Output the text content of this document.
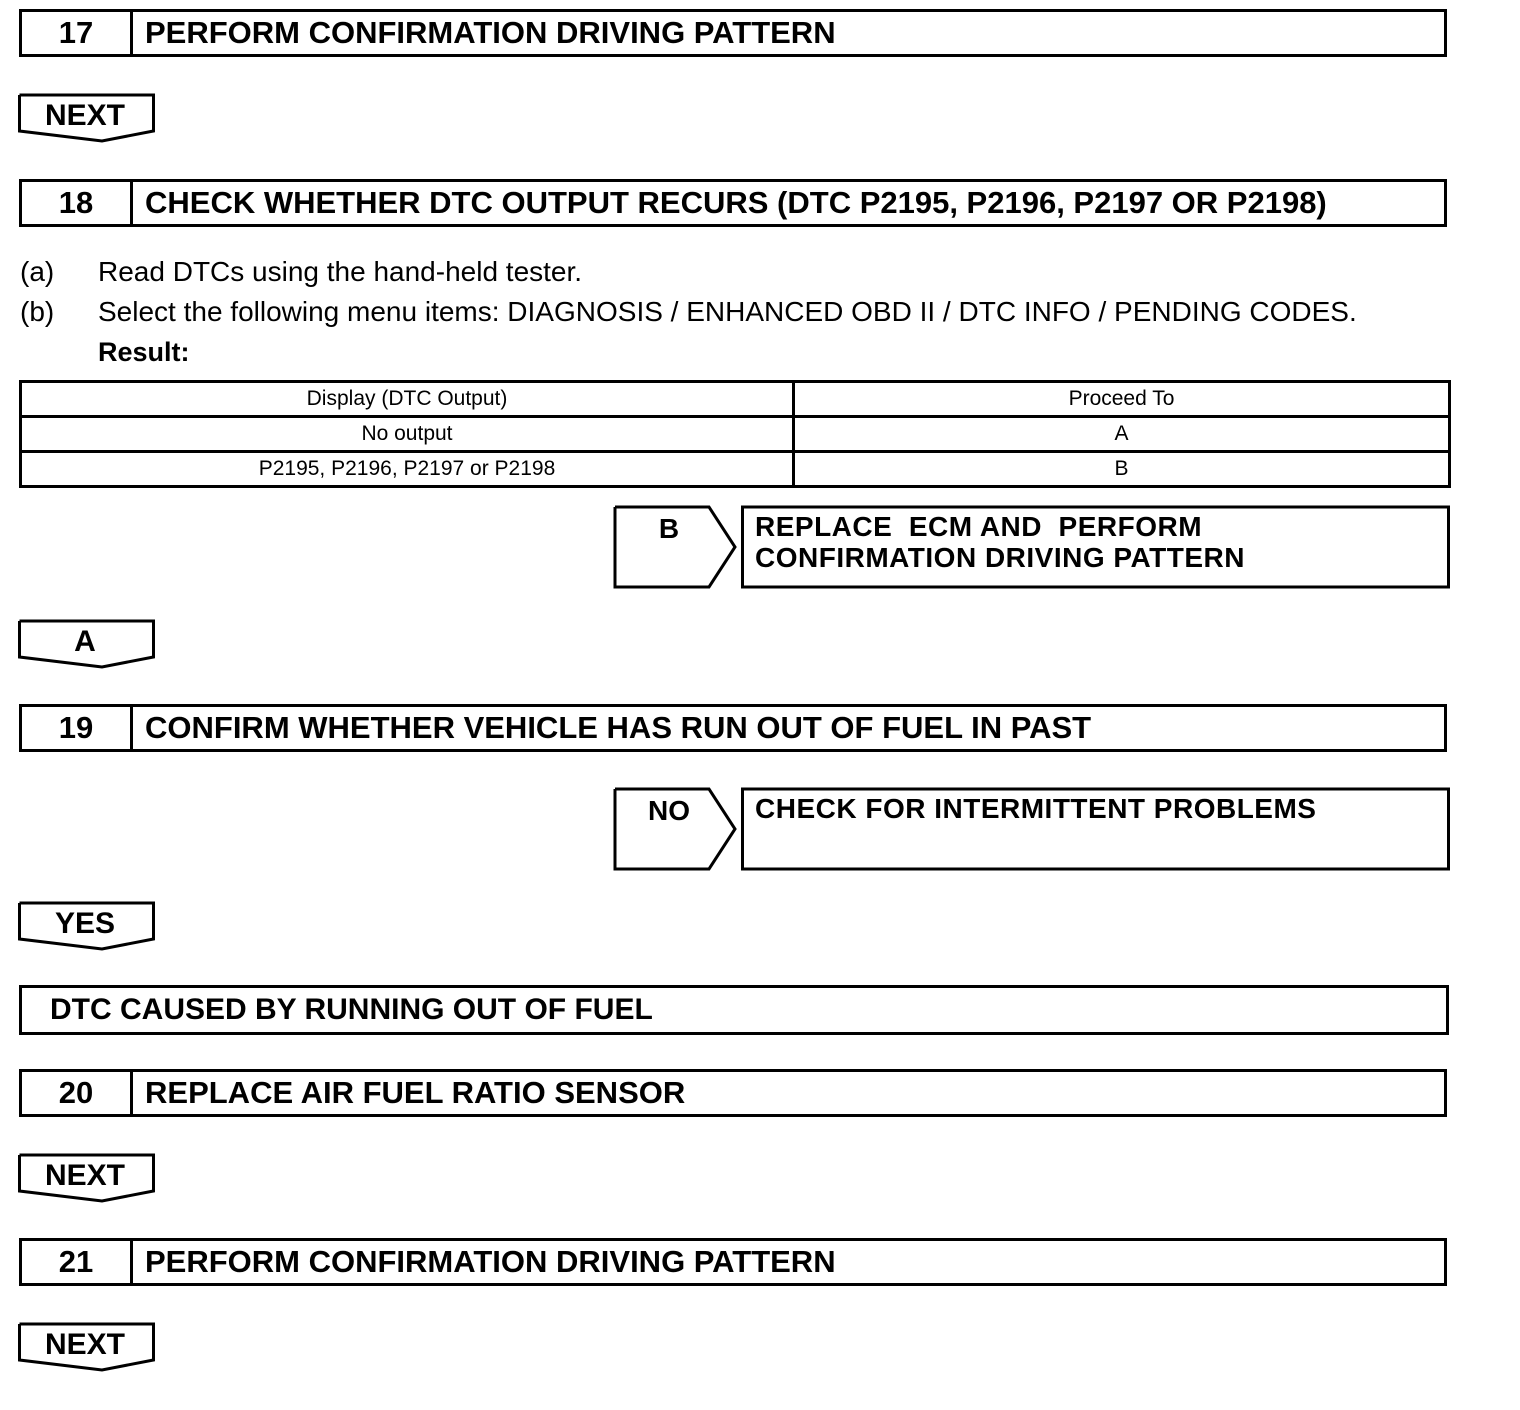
17	PERFORM CONFIRMATION DRIVING PATTERN
NEXT
18	CHECK WHETHER DTC OUTPUT RECURS (DTC P2195, P2196, P2197 OR P2198)
(a) Read DTCs using the hand-held tester.
(b) Select the following menu items: DIAGNOSIS / ENHANCED OBD II / DTC INFO / PENDING CODES.
Result:
Display (DTC Output)	Proceed To
No output	A
P2195, P2196, P2197 or P2198	B
B	REPLACE  ECM AND  PERFORM
CONFIRMATION DRIVING PATTERN
A
19	CONFIRM WHETHER VEHICLE HAS RUN OUT OF FUEL IN PAST
NO	CHECK FOR INTERMITTENT PROBLEMS
YES
DTC CAUSED BY RUNNING OUT OF FUEL
20	REPLACE AIR FUEL RATIO SENSOR
NEXT
21	PERFORM CONFIRMATION DRIVING PATTERN
NEXT
